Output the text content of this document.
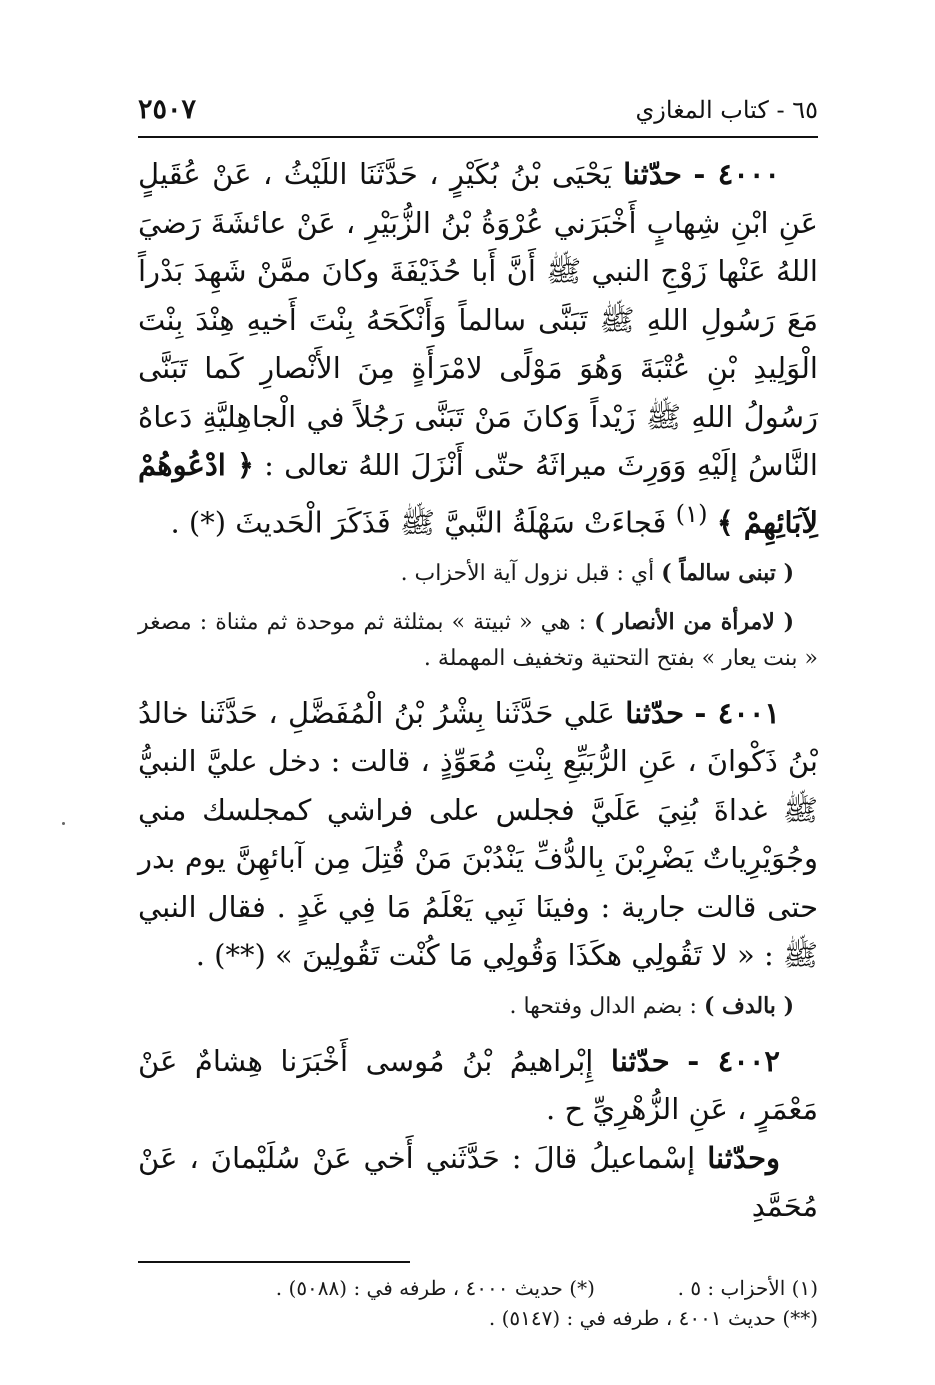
٦٥ - كتاب المغازي
٢٥٠٧

٤٠٠٠ - حدّثنا يَحْيَى بْنُ بُكَيْرٍ ، حَدَّثَنَا اللَيْثُ ، عَنْ عُقَيلٍ عَنِ ابْنِ شِهابٍ أَخْبَرَني عُرْوَةُ بْنُ الزُّبَيْرِ ، عَنْ عائشَةَ رَضيَ اللهُ عَنْها زَوْجِ النبي ﷺ أَنَّ أَبا حُذَيْفَةَ وكانَ ممَّنْ شَهِدَ بَدْراً مَعَ رَسُولِ اللهِ ﷺ تَبَنَّى سالماً وَأَنْكَحَهُ بِنْتَ أَخيهِ هِنْدَ بِنْتَ الْوَلِيدِ بْنِ عُتْبَةَ وَهُوَ مَوْلًى لامْرَأَةٍ مِنَ الأَنْصارِ كَما تَبَنَّى رَسُولُ اللهِ ﷺ زَيْداً وَكانَ مَنْ تَبَنَّى رَجُلاً في الْجاهِليَّةِ دَعاهُ النَّاسُ إلَيْهِ وَوَرِثَ ميراثَهُ حتّى أَنْزَلَ اللهُ تعالى : ﴿ ادْعُوهُمْ لِآبَائِهِمْ ﴾ $^{(١)}$ فَجاءَتْ سَهْلَةُ النَّبيَّ ﷺ فَذَكَرَ الْحَديثَ (*) .

( تبنى سالماً ) أي : قبل نزول آية الأحزاب .

( لامرأة من الأنصار ) : هي « ثبيتة » بمثلثة ثم موحدة ثم مثناة : مصغر « بنت يعار » بفتح التحتية وتخفيف المهملة .

٤٠٠١ - حدّثنا عَلي حَدَّثَنا بِشْرُ بْنُ الْمُفَضَّلِ ، حَدَّثَنا خالدُ بْنُ ذَكْوانَ ، عَنِ الرُّبَيِّعِ بِنْتِ مُعَوِّذٍ ، قالت : دخل عليَّ النبيُّ ﷺ غداةَ بُنِيَ عَلَيَّ فجلس على فراشي كمجلسك مني وجُوَيْرِياتٌ يَضْرِبْنَ بِالدُّفِّ يَنْدُبْنَ مَنْ قُتِلَ مِن آبائهِنَّ يوم بدر حتى قالت جارية : وفينَا نَبِي يَعْلَمُ مَا فِي غَدٍ . فقال النبي ﷺ : « لا تَقُولِي هكَذَا وَقُولِي مَا كُنْت تَقُولِينَ » (**) .

( بالدف ) : بضم الدال وفتحها .

٤٠٠٢ - حدّثنا إِبْراهيمُ بْنُ مُوسى أَخْبَرَنا هِشامٌ عَنْ مَعْمَرٍ ، عَنِ الزُّهْرِيِّ ح .

وحدّثنا إسْماعيلُ قالَ : حَدَّثَني أَخي عَنْ سُلَيْمانَ ، عَنْ مُحَمَّدِ

(١) الأحزاب : ٥ .  (*) حديث ٤٠٠٠ ، طرفه في : (٥٠٨٨) .
(**) حديث ٤٠٠١ ، طرفه في : (٥١٤٧) .
